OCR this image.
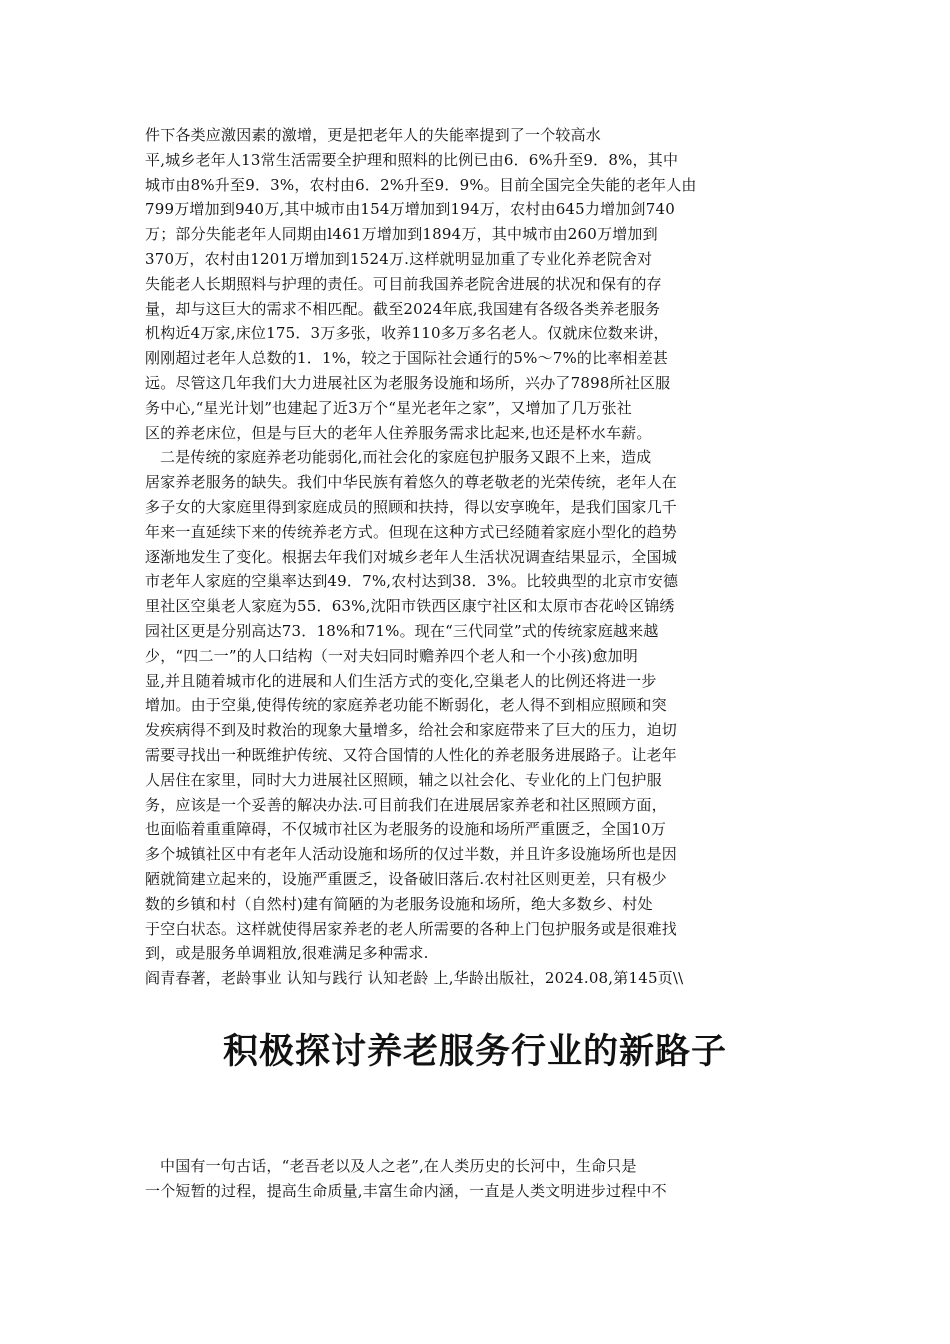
件下各类应激因素的激增，更是把老年人的失能率提到了一个较高水
平,城乡老年人13常生活需要全护理和照料的比例已由6．6%升至9．8%，其中
城市由8%升至9．3%，农村由6．2%升至9．9%。目前全国完全失能的老年人由
799万增加到940万,其中城市由154万增加到194万，农村由645力增加剑740
万；部分失能老年人同期由l461万增加到1894万，其中城市由260万增加到
370万，农村由1201万增加到1524万.这样就明显加重了专业化养老院舍对
失能老人长期照料与护理的责任。可目前我国养老院舍进展的状况和保有的存
量，却与这巨大的需求不相匹配。截至2024年底,我国建有各级各类养老服务
机构近4万家,床位175．3万多张，收养110多万多名老人。仅就床位数来讲，
刚刚超过老年人总数的1．1%，较之于国际社会通行的5%～7%的比率相差甚
远。尽管这几年我们大力进展社区为老服务设施和场所，兴办了7898所社区服
务中心,“星光计划”也建起了近3万个“星光老年之家”，又增加了几万张社
区的养老床位，但是与巨大的老年人住养服务需求比起来,也还是杯水车薪。
二是传统的家庭养老功能弱化,而社会化的家庭包护服务又跟不上来，造成
居家养老服务的缺失。我们中华民族有着悠久的尊老敬老的光荣传统，老年人在
多子女的大家庭里得到家庭成员的照顾和扶持，得以安享晚年，是我们国家几千
年来一直延续下来的传统养老方式。但现在这种方式已经随着家庭小型化的趋势
逐渐地发生了变化。根据去年我们对城乡老年人生活状况调查结果显示，全国城
市老年人家庭的空巢率达到49．7%,农村达到38．3%。比较典型的北京市安德
里社区空巢老人家庭为55．63%,沈阳市铁西区康宁社区和太原市杏花岭区锦绣
园社区更是分别高达73．18%和71%。现在“三代同堂”式的传统家庭越来越
少，“四二一”的人口结构（一对夫妇同时赡养四个老人和一个小孩)愈加明
显,并且随着城市化的进展和人们生活方式的变化,空巢老人的比例还将进一步
增加。由于空巢,使得传统的家庭养老功能不断弱化，老人得不到相应照顾和突
发疾病得不到及时救治的现象大量增多，给社会和家庭带来了巨大的压力，迫切
需要寻找出一种既维护传统、又符合国情的人性化的养老服务进展路子。让老年
人居住在家里，同时大力进展社区照顾，辅之以社会化、专业化的上门包护服
务，应该是一个妥善的解决办法.可目前我们在进展居家养老和社区照顾方面，
也面临着重重障碍，不仅城市社区为老服务的设施和场所严重匮乏，全国10万
多个城镇社区中有老年人活动设施和场所的仅过半数，并且许多设施场所也是因
陋就简建立起来的，设施严重匮乏，设备破旧落后.农村社区则更差，只有极少
数的乡镇和村（自然村)建有简陋的为老服务设施和场所，绝大多数乡、村处
于空白状态。这样就使得居家养老的老人所需要的各种上门包护服务或是很难找
到，或是服务单调粗放,很难满足多种需求.
阎青春著，老龄事业 认知与践行 认知老龄 上,华龄出版社，2024.08,第145页\\
积极探讨养老服务行业的新路子
中国有一句古话，“老吾老以及人之老”,在人类历史的长河中，生命只是
一个短暂的过程，提高生命质量,丰富生命内涵，一直是人类文明进步过程中不
